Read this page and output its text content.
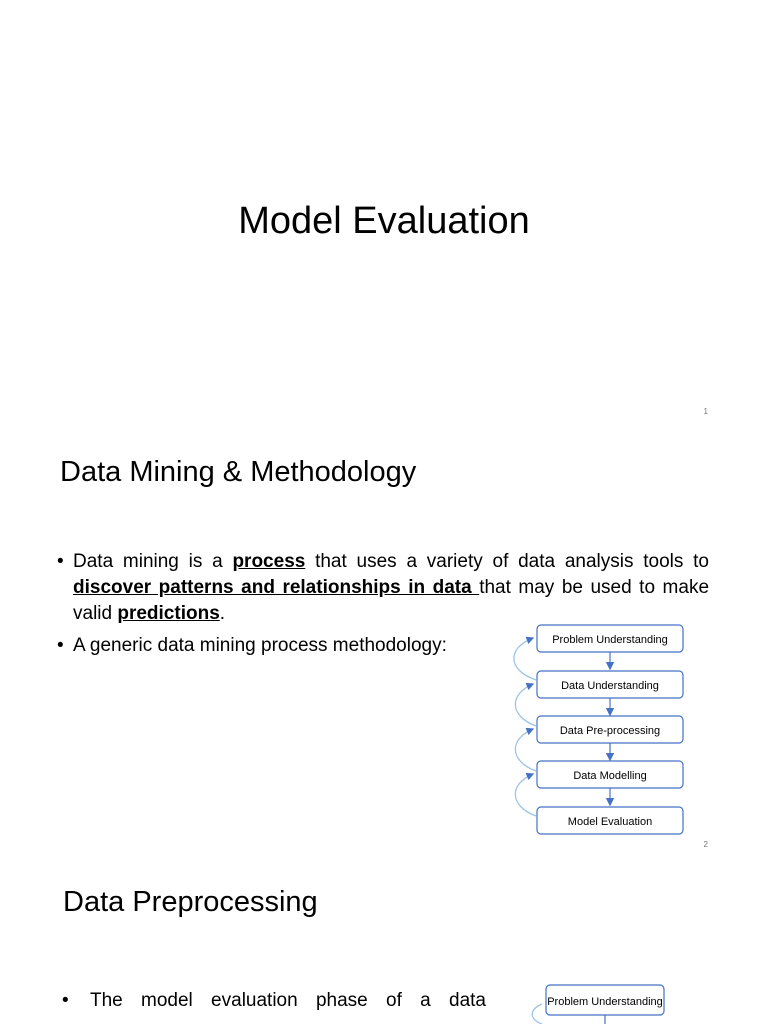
Model Evaluation
1
Data Mining & Methodology
• Data mining is a process that uses a variety of data analysis tools to discover patterns and relationships in data that may be used to make valid predictions.
• A generic data mining process methodology:	Problem Understanding
Data Understanding
Data Pre-processing
Data Modelling
Model Evaluation
2
Data Preprocessing
•	The model evaluation phase of a data	Problem Understanding
